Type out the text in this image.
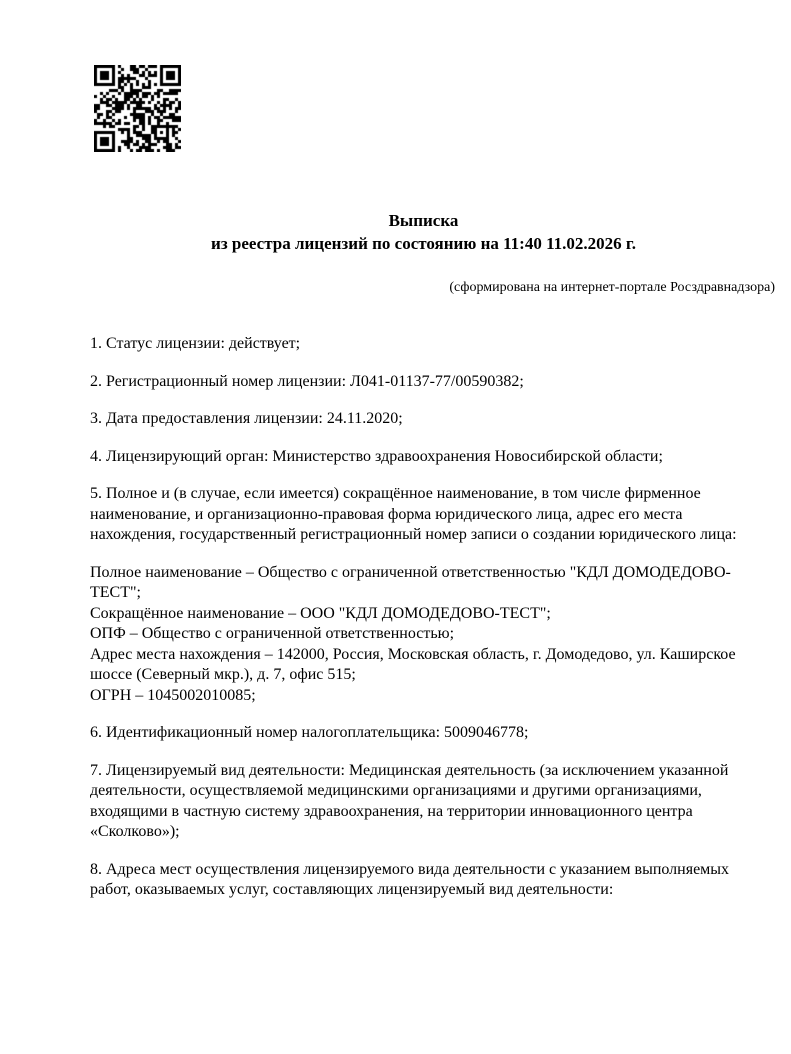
Выписка
из реестра лицензий по состоянию на 11:40 11.02.2026 г.
(сформирована на интернет-портале Росздравнадзора)
1. Статус лицензии: действует;
2. Регистрационный номер лицензии: Л041-01137-77/00590382;
3. Дата предоставления лицензии: 24.11.2020;
4. Лицензирующий орган: Министерство здравоохранения Новосибирской области;
5. Полное и (в случае, если имеется) сокращённое наименование, в том числе фирменное наименование, и организационно-правовая форма юридического лица, адрес его места нахождения, государственный регистрационный номер записи о создании юридического лица:
Полное наименование – Общество с ограниченной ответственностью "КДЛ ДОМОДЕДОВО-ТЕСТ";
Сокращённое наименование – ООО "КДЛ ДОМОДЕДОВО-ТЕСТ";
ОПФ – Общество с ограниченной ответственностью;
Адрес места нахождения – 142000, Россия, Московская область, г. Домодедово, ул. Каширское шоссе (Северный мкр.), д. 7, офис 515;
ОГРН – 1045002010085;
6. Идентификационный номер налогоплательщика: 5009046778;
7. Лицензируемый вид деятельности: Медицинская деятельность (за исключением указанной деятельности, осуществляемой медицинскими организациями и другими организациями, входящими в частную систему здравоохранения, на территории инновационного центра «Сколково»);
8. Адреса мест осуществления лицензируемого вида деятельности с указанием выполняемых работ, оказываемых услуг, составляющих лицензируемый вид деятельности:
